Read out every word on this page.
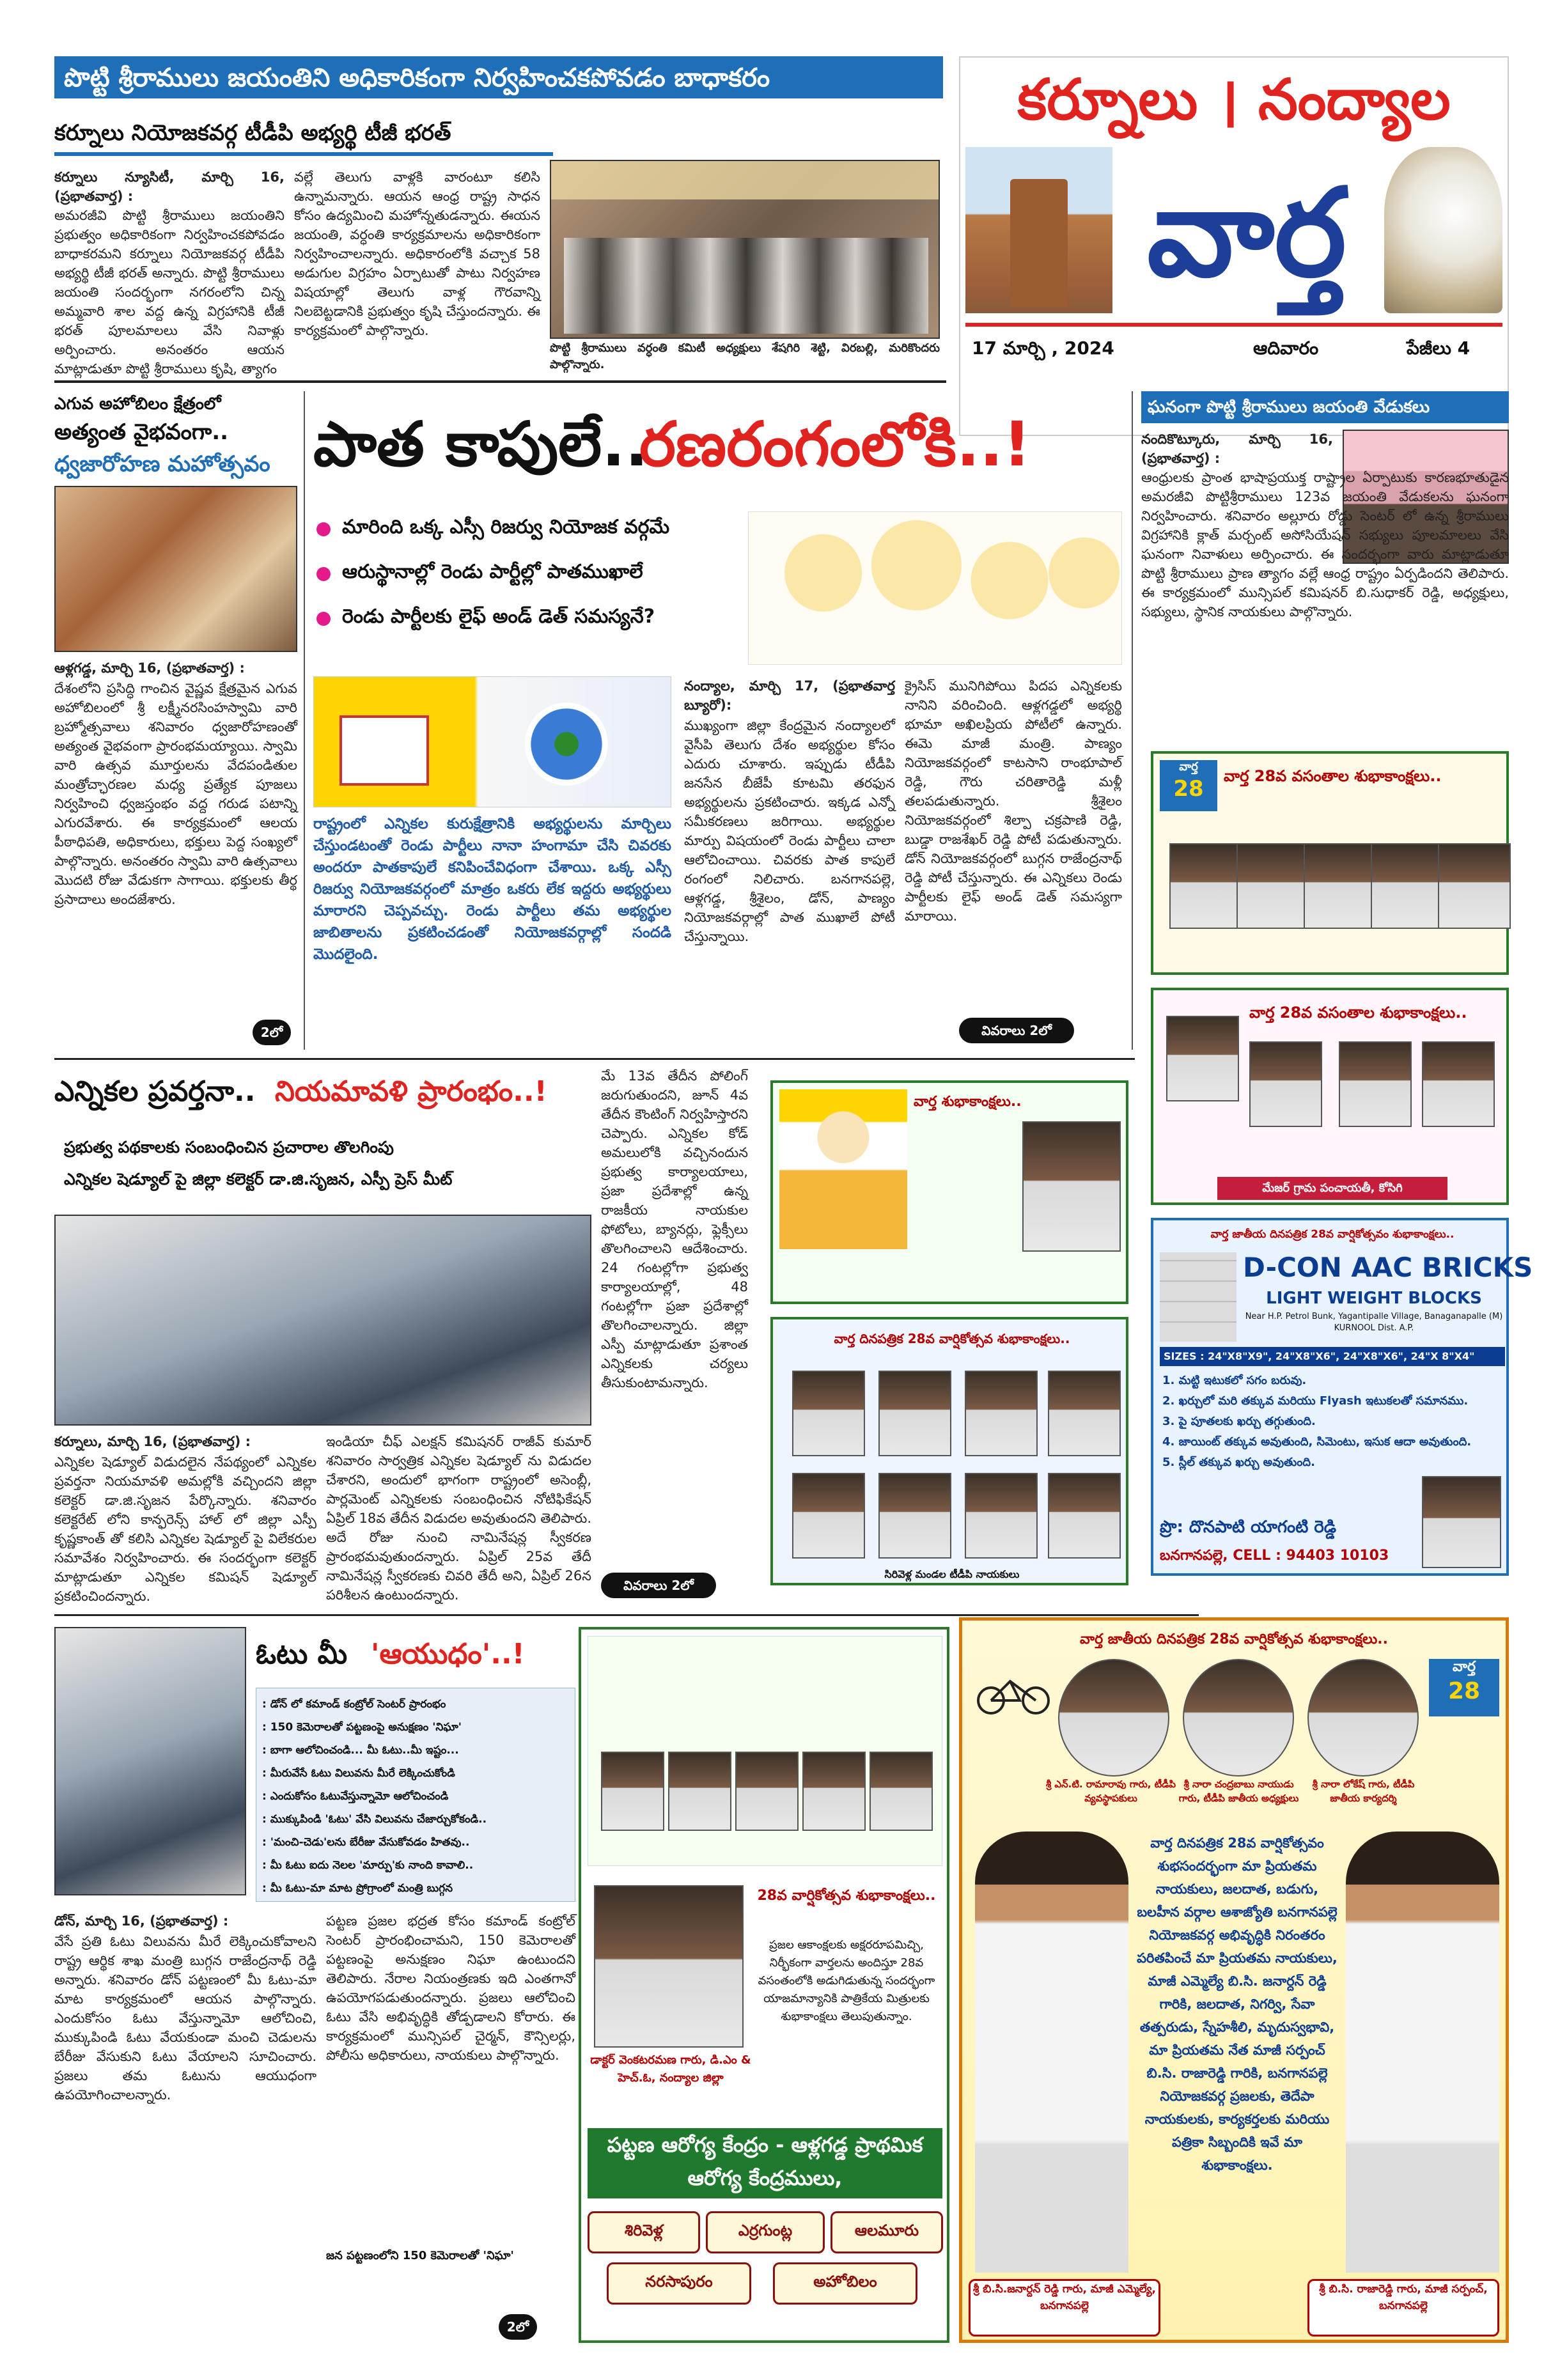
పొట్టి శ్రీరాములు జయంతిని అధికారికంగా నిర్వహించకపోవడం బాధాకరం
కర్నూలు నియోజకవర్గ టీడీపి అభ్యర్థి టీజీ భరత్
కర్నూలు న్యూసిటీ, మార్చి 16, (ప్రభాతవార్త) :
అమరజీవి పొట్టి శ్రీరాములు జయంతిని ప్రభుత్వం అధికారికంగా నిర్వహించకపోవడం బాధాకరమని కర్నూలు నియోజకవర్గ టీడీపి అభ్యర్థి టీజీ భరత్ అన్నారు. పొట్టి శ్రీరాములు జయంతి సందర్భంగా నగరంలోని చిన్న అమ్మవారి శాల వద్ద ఉన్న విగ్రహానికి టీజీ భరత్ పూలమాలలు వేసి నివాళ్లు అర్పించారు. అనంతరం ఆయన మాట్లాడుతూ పొట్టి శ్రీరాములు కృషి, త్యాగం
వల్లే తెలుగు వాళ్లకి వారంటూ కలిసి ఉన్నామన్నారు. ఆయన ఆంధ్ర రాష్ట్ర సాధన కోసం ఉద్యమించి మహోన్నతుడన్నారు. ఈయన జయంతి, వర్ధంతి కార్యక్రమాలను అధికారికంగా నిర్వహించాలన్నారు. అధికారంలోకి వచ్చాక 58 అడుగుల విగ్రహం ఏర్పాటుతో పాటు నిర్వహణ విషయాల్లో తెలుగు వాళ్ల గౌరవాన్ని నిలబెట్టడానికి ప్రభుత్వం కృషి చేస్తుందన్నారు. ఈ కార్యక్రమంలో పాల్గొన్నారు.
పొట్టి శ్రీరాములు వర్ధంతి కమిటీ అధ్యక్షులు శేషగిరి శెట్టి, విరబల్లి, మరికొందరు పాల్గొన్నారు.
కర్నూలు । నంద్యాల
వార్త
17 మార్చి , 2024	ఆదివారం	పేజీలు 4
ఎగువ అహోబిలం క్షేత్రంలో
అత్యంత వైభవంగా..
ధ్వజారోహణ మహోత్సవం
ఆళ్లగడ్డ, మార్చి 16, (ప్రభాతవార్త) :
దేశంలోని ప్రసిద్ధి గాంచిన వైష్ణవ క్షేత్రమైన ఎగువ అహోబిలంలో శ్రీ లక్ష్మీనరసింహస్వామి వారి బ్రహ్మోత్సవాలు శనివారం ధ్వజారోహణంతో అత్యంత వైభవంగా ప్రారంభమయ్యాయి. స్వామి వారి ఉత్సవ మూర్తులను వేదపండితుల మంత్రోచ్ఛారణల మధ్య ప్రత్యేక పూజలు నిర్వహించి ధ్వజస్తంభం వద్ద గరుడ పటాన్ని ఎగురవేశారు. ఈ కార్యక్రమంలో ఆలయ పీఠాధిపతి, అధికారులు, భక్తులు పెద్ద సంఖ్యలో పాల్గొన్నారు. అనంతరం స్వామి వారి ఉత్సవాలు మొదటి రోజు వేడుకగా సాగాయి. భక్తులకు తీర్థ ప్రసాదాలు అందజేశారు.
2లో
పాత కాపులే..
రణరంగంలోకి..!
మారింది ఒక్క ఎస్సీ రిజర్వు నియోజక వర్గమే
ఆరుస్థానాల్లో రెండు పార్టీల్లో పాతముఖాలే
రెండు పార్టీలకు లైఫ్ అండ్ డెత్ సమస్యనే?
రాష్ట్రంలో ఎన్నికల కురుక్షేత్రానికి అభ్యర్థులను మార్చిలు చేస్తుండటంతో రెండు పార్టీలు నానా హంగామా చేసి చివరకు అందరూ పాతకాపులే కనిపించేవిధంగా చేశాయి. ఒక్క ఎస్సీ రిజర్వు నియోజకవర్గంలో మాత్రం ఒకరు లేక ఇద్దరు అభ్యర్థులు మారారని చెప్పవచ్చు. రెండు పార్టీలు తమ అభ్యర్థుల జాబితాలను ప్రకటించడంతో నియోజకవర్గాల్లో సందడి మొదలైంది.
నంద్యాల, మార్చి 17, (ప్రభాతవార్త బ్యూరో):
ముఖ్యంగా జిల్లా కేంద్రమైన నంద్యాలలో వైసీపి తెలుగు దేశం అభ్యర్థుల కోసం ఎదురు చూశారు. ఇప్పుడు టీడీపి జనసేన బీజేపీ కూటమి తరఫున అభ్యర్థులను ప్రకటించారు. ఇక్కడ ఎన్నో సమీకరణలు జరిగాయి. అభ్యర్థుల మార్పు విషయంలో రెండు పార్టీలు చాలా ఆలోచించాయి. చివరకు పాత కాపులే రంగంలో నిలిచారు. బనగానపల్లె, ఆళ్లగడ్డ, శ్రీశైలం, డోన్, పాణ్యం నియోజకవర్గాల్లో పాత ముఖాలే పోటీ చేస్తున్నాయి.
క్రైసిస్ మునిగిపోయి పిదప ఎన్నికలకు నానిని వరించింది. ఆళ్లగడ్డలో అభ్యర్థి భూమా అఖిలప్రియ పోటీలో ఉన్నారు. ఈమె మాజీ మంత్రి. పాణ్యం నియోజకవర్గంలో కాటసాని రాంభూపాల్ రెడ్డి, గౌరు చరితారెడ్డి మళ్లీ తలపడుతున్నారు. శ్రీశైలం నియోజకవర్గంలో శిల్పా చక్రపాణి రెడ్డి, బుడ్డా రాజశేఖర్ రెడ్డి పోటీ పడుతున్నారు. డోన్ నియోజకవర్గంలో బుగ్గన రాజేంద్రనాథ్ రెడ్డి పోటీ చేస్తున్నారు. ఈ ఎన్నికలు రెండు పార్టీలకు లైఫ్ అండ్ డెత్ సమస్యగా మారాయి.
వివరాలు 2లో
ఘనంగా పొట్టి శ్రీరాములు జయంతి వేడుకలు
నందికొట్కూరు, మార్చి 16, (ప్రభాతవార్త) :
ఆంధ్రులకు ప్రాంత భాషాప్రయుక్త రాష్ట్రాల ఏర్పాటుకు కారణభూతుడైన అమరజీవి పొట్టిశ్రీరాములు 123వ జయంతి వేడుకలను ఘనంగా నిర్వహించారు. శనివారం అల్లూరు రోడ్డు సెంటర్ లో ఉన్న శ్రీరాములు విగ్రహానికి క్లాత్ మర్చంట్ అసోసియేషన్ సభ్యులు పూలమాలలు వేసి ఘనంగా నివాళులు అర్పించారు. ఈ సందర్భంగా వారు మాట్లాడుతూ పొట్టి శ్రీరాములు ప్రాణ త్యాగం వల్లే ఆంధ్ర రాష్ట్రం ఏర్పడిందని తెలిపారు. ఈ కార్యక్రమంలో మున్సిపల్ కమిషనర్ బి.సుధాకర్ రెడ్డి, అధ్యక్షులు, సభ్యులు, స్థానిక నాయకులు పాల్గొన్నారు.
వార్త
28	వార్త 28వ వసంతాల శుభాకాంక్షలు..
వార్త 28వ వసంతాల శుభాకాంక్షలు..
మేజర్ గ్రామ పంచాయతీ, కోసిగి
ఎన్నికల ప్రవర్తనా.. నియమావళి ప్రారంభం..!
ప్రభుత్వ పథకాలకు సంబంధించిన ప్రచారాల తొలగింపు
ఎన్నికల షెడ్యూల్ పై జిల్లా కలెక్టర్ డా.జి.సృజన, ఎస్పీ ప్రెస్ మీట్
కర్నూలు, మార్చి 16, (ప్రభాతవార్త) :
ఎన్నికల షెడ్యూల్ విడుదలైన నేపథ్యంలో ఎన్నికల ప్రవర్తనా నియమావళి అమల్లోకి వచ్చిందని జిల్లా కలెక్టర్ డా.జి.సృజన పేర్కొన్నారు. శనివారం కలెక్టరేట్ లోని కాన్ఫరెన్స్ హాల్ లో జిల్లా ఎస్పీ కృష్ణకాంత్ తో కలిసి ఎన్నికల షెడ్యూల్ పై విలేకరుల సమావేశం నిర్వహించారు. ఈ సందర్భంగా కలెక్టర్ మాట్లాడుతూ ఎన్నికల కమిషన్ షెడ్యూల్ ప్రకటించిందన్నారు.
ఇండియా చీఫ్ ఎలక్షన్ కమిషనర్ రాజీవ్ కుమార్ శనివారం సార్వత్రిక ఎన్నికల షెడ్యూల్ ను విడుదల చేశారని, అందులో భాగంగా రాష్ట్రంలో అసెంబ్లీ, పార్లమెంట్ ఎన్నికలకు సంబంధించిన నోటిఫికేషన్ ఏప్రిల్ 18వ తేదీన విడుదల అవుతుందని తెలిపారు. అదే రోజు నుంచి నామినేషన్ల స్వీకరణ ప్రారంభమవుతుందన్నారు. ఏప్రిల్ 25వ తేదీ నామినేషన్ల స్వీకరణకు చివరి తేదీ అని, ఏప్రిల్ 26న పరిశీలన ఉంటుందన్నారు.
మే 13వ తేదీన పోలింగ్ జరుగుతుందని, జూన్ 4వ తేదీన కౌంటింగ్ నిర్వహిస్తారని చెప్పారు. ఎన్నికల కోడ్ అమలులోకి వచ్చినందున ప్రభుత్వ కార్యాలయాలు, ప్రజా ప్రదేశాల్లో ఉన్న రాజకీయ నాయకుల ఫోటోలు, బ్యానర్లు, ఫ్లెక్సీలు తొలగించాలని ఆదేశించారు. 24 గంటల్లోగా ప్రభుత్వ కార్యాలయాల్లో, 48 గంటల్లోగా ప్రజా ప్రదేశాల్లో తొలగించాలన్నారు. జిల్లా ఎస్పీ మాట్లాడుతూ ప్రశాంత ఎన్నికలకు చర్యలు తీసుకుంటామన్నారు.
వివరాలు 2లో
వార్త శుభాకాంక్షలు..
వార్త దినపత్రిక 28వ వార్షికోత్సవ శుభాకాంక్షలు..
సిరివెళ్ల మండల టీడీపి నాయకులు
వార్త జాతీయ దినపత్రిక 28వ వార్షికోత్సవం శుభాకాంక్షలు..
D-CON AAC BRICKS
LIGHT WEIGHT BLOCKS
Near H.P. Petrol Bunk, Yagantipalle Village, Banaganapalle (M) KURNOOL Dist. A.P.
SIZES : 24"X8"X9", 24"X8"X6", 24"X8"X6", 24"X 8"X4"
1. మట్టి ఇటుకలో సగం బరువు.
2. ఖర్చులో మరి తక్కువ మరియు Flyash ఇటుకలతో సమానము.
3. పై పూతలకు ఖర్చు తగ్గుతుంది.
4. జాయింట్ తక్కువ అవుతుంది, సిమెంటు, ఇసుక ఆదా అవుతుంది.
5. స్లీల్ తక్కువ ఖర్చు అవుతుంది.
ప్రొ: దొనపాటి యాగంటి రెడ్డి
బనగానపల్లె, CELL : 94403 10103
ఓటు మీ 'ఆయుధం'..!
: డోన్ లో కమాండ్ కంట్రోల్ సెంటర్ ప్రారంభం
: 150 కెమెరాలతో పట్టణంపై అనుక్షణం 'నిఘా'
: బాగా ఆలోచించండి... మీ ఓటు..మీ ఇష్టం...
: మీరువేసే ఓటు విలువను మీరే లెక్కించుకోండి
: ఎందుకోసం ఓటువేస్తున్నామో ఆలోచించండి
: ముక్కుపిండి 'ఓటు' వేసి విలువను చేజార్చుకోకండి..
: 'మంచి-చెడు'లను బేరీజు వేసుకోవడం హితవు..
: మీ ఓటు ఐదు నెలల 'మార్పు'కు నాంది కావాలి..
: మీ ఓటు-మా మాట ప్రోగ్రాంలో మంత్రి బుగ్గన
డోన్, మార్చి 16, (ప్రభాతవార్త) :
వేసే ప్రతి ఓటు విలువను మీరే లెక్కించుకోవాలని రాష్ట్ర ఆర్థిక శాఖ మంత్రి బుగ్గన రాజేంద్రనాథ్ రెడ్డి అన్నారు. శనివారం డోన్ పట్టణంలో మీ ఓటు-మా మాట కార్యక్రమంలో ఆయన పాల్గొన్నారు. ఎందుకోసం ఓటు వేస్తున్నామో ఆలోచించి, ముక్కుపిండి ఓటు వేయకుండా మంచి చెడులను బేరీజు వేసుకుని ఓటు వేయాలని సూచించారు. ప్రజలు తమ ఓటును ఆయుధంగా ఉపయోగించాలన్నారు.
పట్టణ ప్రజల భద్రత కోసం కమాండ్ కంట్రోల్ సెంటర్ ప్రారంభించామని, 150 కెమెరాలతో పట్టణంపై అనుక్షణం నిఘా ఉంటుందని తెలిపారు. నేరాల నియంత్రణకు ఇది ఎంతగానో ఉపయోగపడుతుందన్నారు. ప్రజలు ఆలోచించి ఓటు వేసి అభివృద్ధికి తోడ్పడాలని కోరారు. ఈ కార్యక్రమంలో మున్సిపల్ చైర్మన్, కౌన్సిలర్లు, పోలీసు అధికారులు, నాయకులు పాల్గొన్నారు.
జన పట్టణంలోని 150 కెమెరాలతో 'నిఘా'
2లో
28వ వార్షికోత్సవ శుభాకాంక్షలు..
ప్రజల ఆకాంక్షలకు అక్షరరూపమిచ్చి, నిర్భీకంగా వార్తలను అందిస్తూ 28వ వసంతంలోకి అడుగిడుతున్న సందర్భంగా యాజమాన్యానికి పాత్రికేయ మిత్రులకు శుభాకాంక్షలు తెలుపుతున్నాం.
డాక్టర్ వెంకటరమణ గారు, డి.ఎం & హెచ్.ఓ, నంద్యాల జిల్లా
పట్టణ ఆరోగ్య కేంద్రం - ఆళ్లగడ్డ ప్రాథమిక ఆరోగ్య కేంద్రములు,
శిరివెళ్ల	ఎర్రగుంట్ల	ఆలమూరు
నరసాపురం	అహోబిలం
వార్త జాతీయ దినపత్రిక 28వ వార్షికోత్సవ శుభాకాంక్షలు..
వార్త
28
శ్రీ ఎన్.టి. రామారావు గారు, టీడీపి వ్యవస్థాపకులు
శ్రీ నారా చంద్రబాబు నాయుడు గారు, టీడీపి జాతీయ అధ్యక్షులు
శ్రీ నారా లోకేష్ గారు, టీడీపి జాతీయ కార్యదర్శి
వార్త దినపత్రిక 28వ వార్షికోత్సవం శుభసందర్భంగా మా ప్రియతమ నాయకులు, జలదాత, బడుగు, బలహీన వర్గాల ఆశాజ్యోతి బనగానపల్లె నియోజకవర్గ అభివృద్ధికి నిరంతరం పరితపించే మా ప్రియతమ నాయకులు, మాజీ ఎమ్మెల్యే బి.సి. జనార్దన్ రెడ్డి గారికి, జలదాత, నిగర్వి, సేవా తత్పరుడు, స్నేహశీలి, మృదుస్వభావి, మా ప్రియతమ నేత మాజీ సర్పంచ్ బి.సి. రాజారెడ్డి గారికి, బనగానపల్లె నియోజకవర్గ ప్రజలకు, తెదేపా నాయకులకు, కార్యకర్తలకు మరియు పత్రికా సిబ్బందికి ఇవే మా శుభాకాంక్షలు.
శ్రీ బి.సి.జనార్దన్ రెడ్డి గారు, మాజీ ఎమ్మెల్యే, బనగానపల్లె
శ్రీ బి.సి. రాజారెడ్డి గారు, మాజీ సర్పంచ్, బనగానపల్లె
